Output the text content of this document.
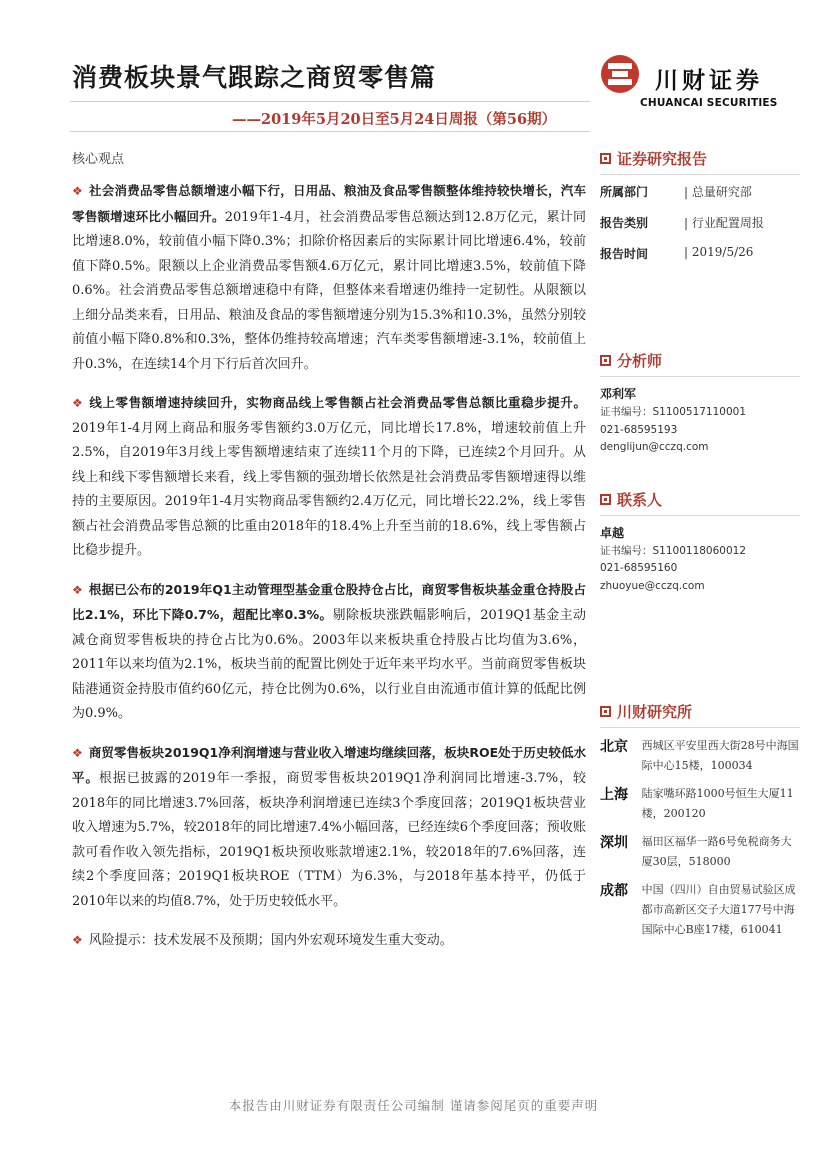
消费板块景气跟踪之商贸零售篇	川财证券
CHUANCAI SECURITIES
——2019年5月20日至5月24日周报（第56期）
核心观点

❖ 社会消费品零售总额增速小幅下行，日用品、粮油及食品零售额整体维持较快增长，汽车零售额增速环比小幅回升。2019年1-4月，社会消费品零售总额达到12.8万亿元，累计同比增速8.0%，较前值小幅下降0.3%；扣除价格因素后的实际累计同比增速6.4%，较前值下降0.5%。限额以上企业消费品零售额4.6万亿元，累计同比增速3.5%，较前值下降0.6%。社会消费品零售总额增速稳中有降，但整体来看增速仍维持一定韧性。从限额以上细分品类来看，日用品、粮油及食品的零售额增速分别为15.3%和10.3%，虽然分别较前值小幅下降0.8%和0.3%，整体仍维持较高增速；汽车类零售额增速-3.1%，较前值上升0.3%，在连续14个月下行后首次回升。

❖ 线上零售额增速持续回升，实物商品线上零售额占社会消费品零售总额比重稳步提升。2019年1-4月网上商品和服务零售额约3.0万亿元，同比增长17.8%，增速较前值上升2.5%，自2019年3月线上零售额增速结束了连续11个月的下降，已连续2个月回升。从线上和线下零售额增长来看，线上零售额的强劲增长依然是社会消费品零售额增速得以维持的主要原因。2019年1-4月实物商品零售额约2.4万亿元，同比增长22.2%，线上零售额占社会消费品零售总额的比重由2018年的18.4%上升至当前的18.6%，线上零售额占比稳步提升。

❖ 根据已公布的2019年Q1主动管理型基金重仓股持仓占比，商贸零售板块基金重仓持股占比2.1%，环比下降0.7%，超配比率0.3%。剔除板块涨跌幅影响后，2019Q1基金主动减仓商贸零售板块的持仓占比为0.6%。2003年以来板块重仓持股占比均值为3.6%，2011年以来均值为2.1%，板块当前的配置比例处于近年来平均水平。当前商贸零售板块陆港通资金持股市值约60亿元，持仓比例为0.6%，以行业自由流通市值计算的低配比例为0.9%。

❖ 商贸零售板块2019Q1净利润增速与营业收入增速均继续回落，板块ROE处于历史较低水平。根据已披露的2019年一季报，商贸零售板块2019Q1净利润同比增速-3.7%，较2018年的同比增速3.7%回落，板块净利润增速已连续3个季度回落；2019Q1板块营业收入增速为5.7%，较2018年的同比增速7.4%小幅回落，已经连续6个季度回落；预收账款可看作收入领先指标，2019Q1板块预收账款增速2.1%，较2018年的7.6%回落，连续2个季度回落；2019Q1板块ROE（TTM）为6.3%，与2018年基本持平，仍低于2010年以来的均值8.7%，处于历史较低水平。

❖ 风险提示：技术发展不及预期；国内外宏观环境发生重大变动。

证券研究报告
所属部门	| 总量研究部
报告类别	| 行业配置周报
报告时间	| 2019/5/26
分析师
邓利军
证书编号：S1100517110001
021-68595193
denglijun@cczq.com
联系人
卓越
证书编号：S1100118060012
021-68595160
zhuoyue@cczq.com
川财研究所
北京	西城区平安里西大街28号中海国际中心15楼，100034
上海	陆家嘴环路1000号恒生大厦11楼，200120
深圳	福田区福华一路6号免税商务大厦30层，518000
成都	中国（四川）自由贸易试验区成都市高新区交子大道177号中海国际中心B座17楼，610041
本报告由川财证券有限责任公司编制 谨请参阅尾页的重要声明
